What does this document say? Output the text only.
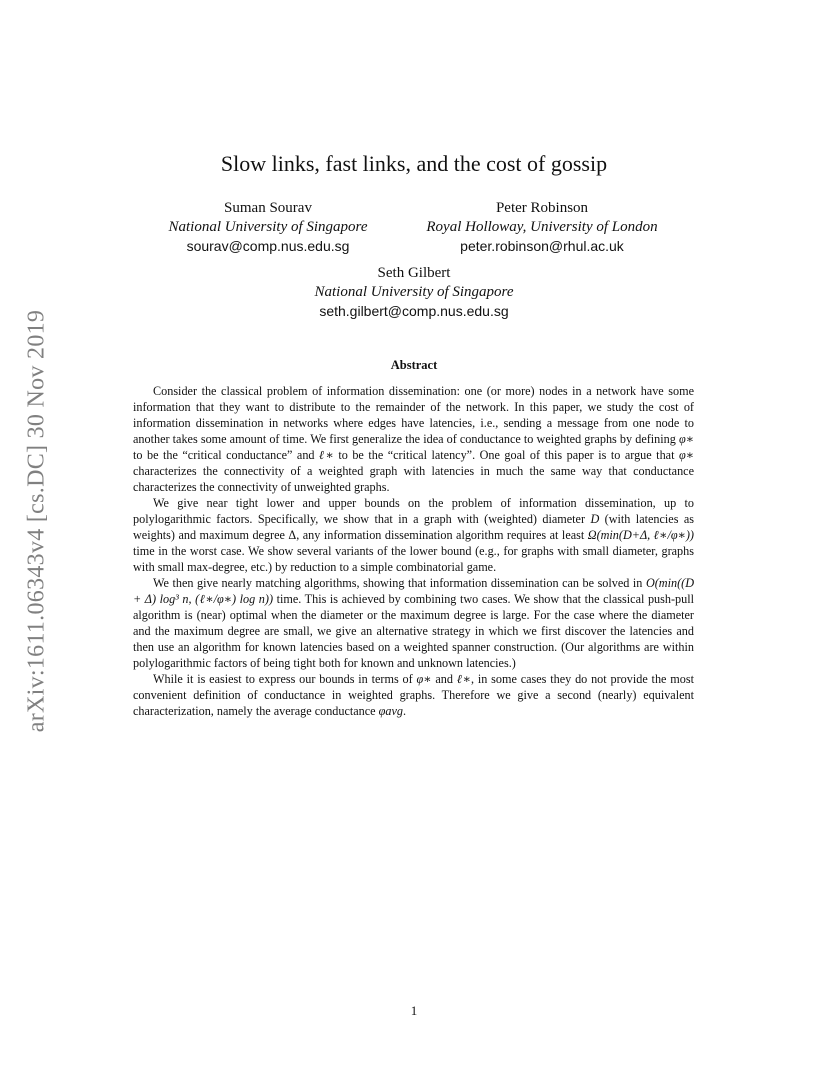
arXiv:1611.06343v4 [cs.DC] 30 Nov 2019
Slow links, fast links, and the cost of gossip
Suman Sourav
National University of Singapore
sourav@comp.nus.edu.sg
Peter Robinson
Royal Holloway, University of London
peter.robinson@rhul.ac.uk
Seth Gilbert
National University of Singapore
seth.gilbert@comp.nus.edu.sg
Abstract

Consider the classical problem of information dissemination: one (or more) nodes in a network have some information that they want to distribute to the remainder of the network. In this paper, we study the cost of information dissemination in networks where edges have latencies, i.e., sending a message from one node to another takes some amount of time. We first generalize the idea of conductance to weighted graphs by defining φ∗ to be the “critical conductance” and ℓ∗ to be the “critical latency”. One goal of this paper is to argue that φ∗ characterizes the connectivity of a weighted graph with latencies in much the same way that conductance characterizes the connectivity of unweighted graphs.

We give near tight lower and upper bounds on the problem of information dissemination, up to polylogarithmic factors. Specifically, we show that in a graph with (weighted) diameter D (with latencies as weights) and maximum degree Δ, any information dissemination algorithm requires at least Ω(min(D+Δ, ℓ∗/φ∗)) time in the worst case. We show several variants of the lower bound (e.g., for graphs with small diameter, graphs with small max-degree, etc.) by reduction to a simple combinatorial game.

We then give nearly matching algorithms, showing that information dissemination can be solved in O(min((D + Δ) log³ n, (ℓ∗/φ∗) log n)) time. This is achieved by combining two cases. We show that the classical push-pull algorithm is (near) optimal when the diameter or the maximum degree is large. For the case where the diameter and the maximum degree are small, we give an alternative strategy in which we first discover the latencies and then use an algorithm for known latencies based on a weighted spanner construction. (Our algorithms are within polylogarithmic factors of being tight both for known and unknown latencies.)

While it is easiest to express our bounds in terms of φ∗ and ℓ∗, in some cases they do not provide the most convenient definition of conductance in weighted graphs. Therefore we give a second (nearly) equivalent characterization, namely the average conductance φavg.

1
